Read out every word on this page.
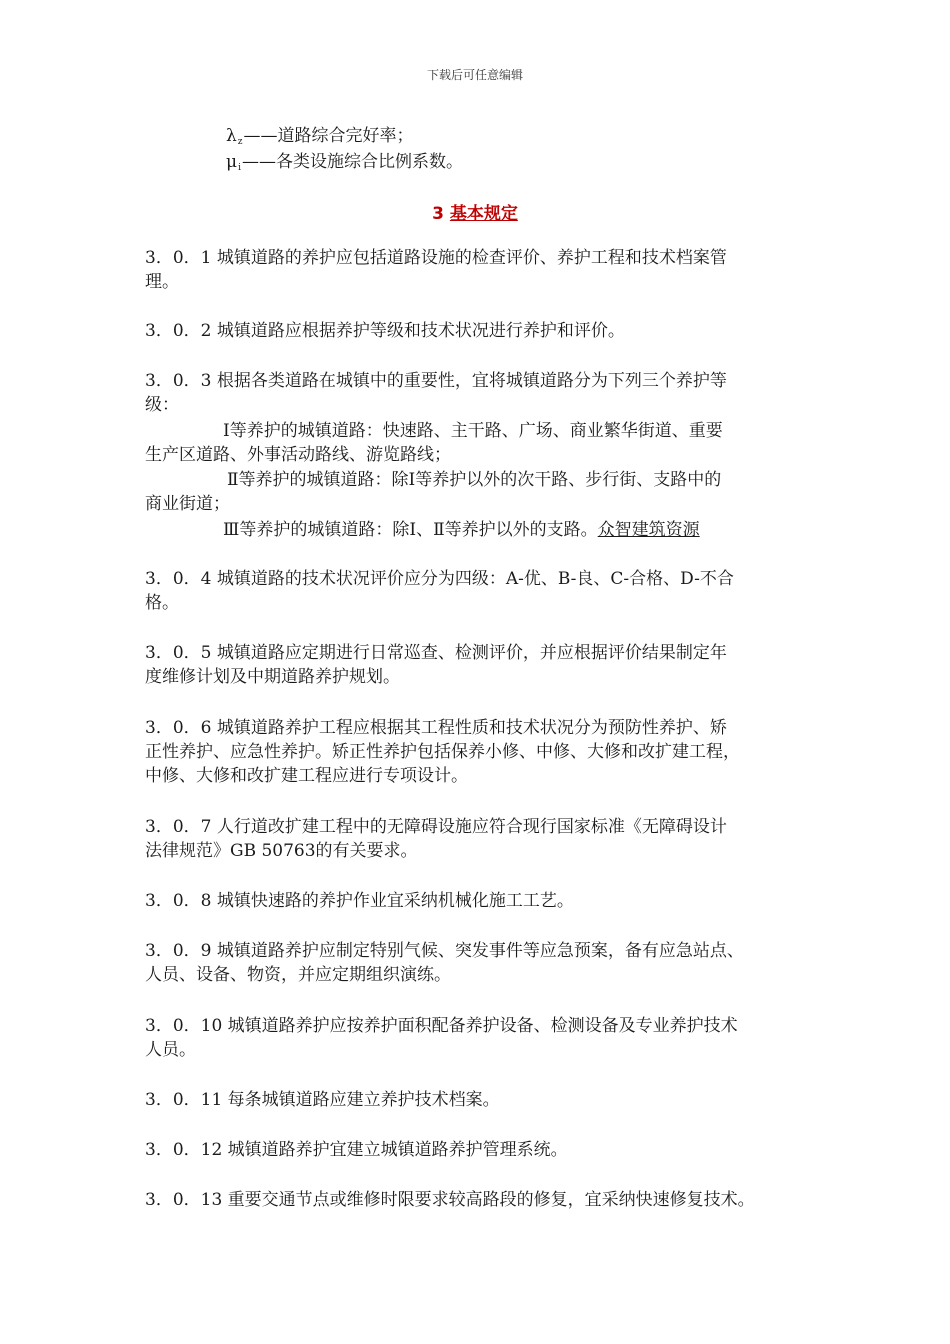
下载后可任意编辑
$\lambda_z——$道路综合完好率；
$\mu_i——$各类设施综合比例系数。
3 基本规定
3．0．1 城镇道路的养护应包括道路设施的检查评价、养护工程和技术档案管
理。
3．0．2 城镇道路应根据养护等级和技术状况进行养护和评价。
3．0．3 根据各类道路在城镇中的重要性，宜将城镇道路分为下列三个养护等
级：
Ⅰ等养护的城镇道路：快速路、主干路、广场、商业繁华街道、重要
生产区道路、外事活动路线、游览路线；
Ⅱ等养护的城镇道路：除Ⅰ等养护以外的次干路、步行街、支路中的
商业街道；
Ⅲ等养护的城镇道路：除Ⅰ、Ⅱ等养护以外的支路。众智建筑资源
3．0．4 城镇道路的技术状况评价应分为四级：A-优、B-良、C-合格、D-不合
格。
3．0．5 城镇道路应定期进行日常巡查、检测评价，并应根据评价结果制定年
度维修计划及中期道路养护规划。
3．0．6 城镇道路养护工程应根据其工程性质和技术状况分为预防性养护、矫
正性养护、应急性养护。矫正性养护包括保养小修、中修、大修和改扩建工程，
中修、大修和改扩建工程应进行专项设计。
3．0．7 人行道改扩建工程中的无障碍设施应符合现行国家标准《无障碍设计
法律规范》GB 50763的有关要求。
3．0．8 城镇快速路的养护作业宜采纳机械化施工工艺。
3．0．9 城镇道路养护应制定特别气候、突发事件等应急预案，备有应急站点、
人员、设备、物资，并应定期组织演练。
3．0．10 城镇道路养护应按养护面积配备养护设备、检测设备及专业养护技术
人员。
3．0．11 每条城镇道路应建立养护技术档案。
3．0．12 城镇道路养护宜建立城镇道路养护管理系统。
3．0．13 重要交通节点或维修时限要求较高路段的修复，宜采纳快速修复技术。
